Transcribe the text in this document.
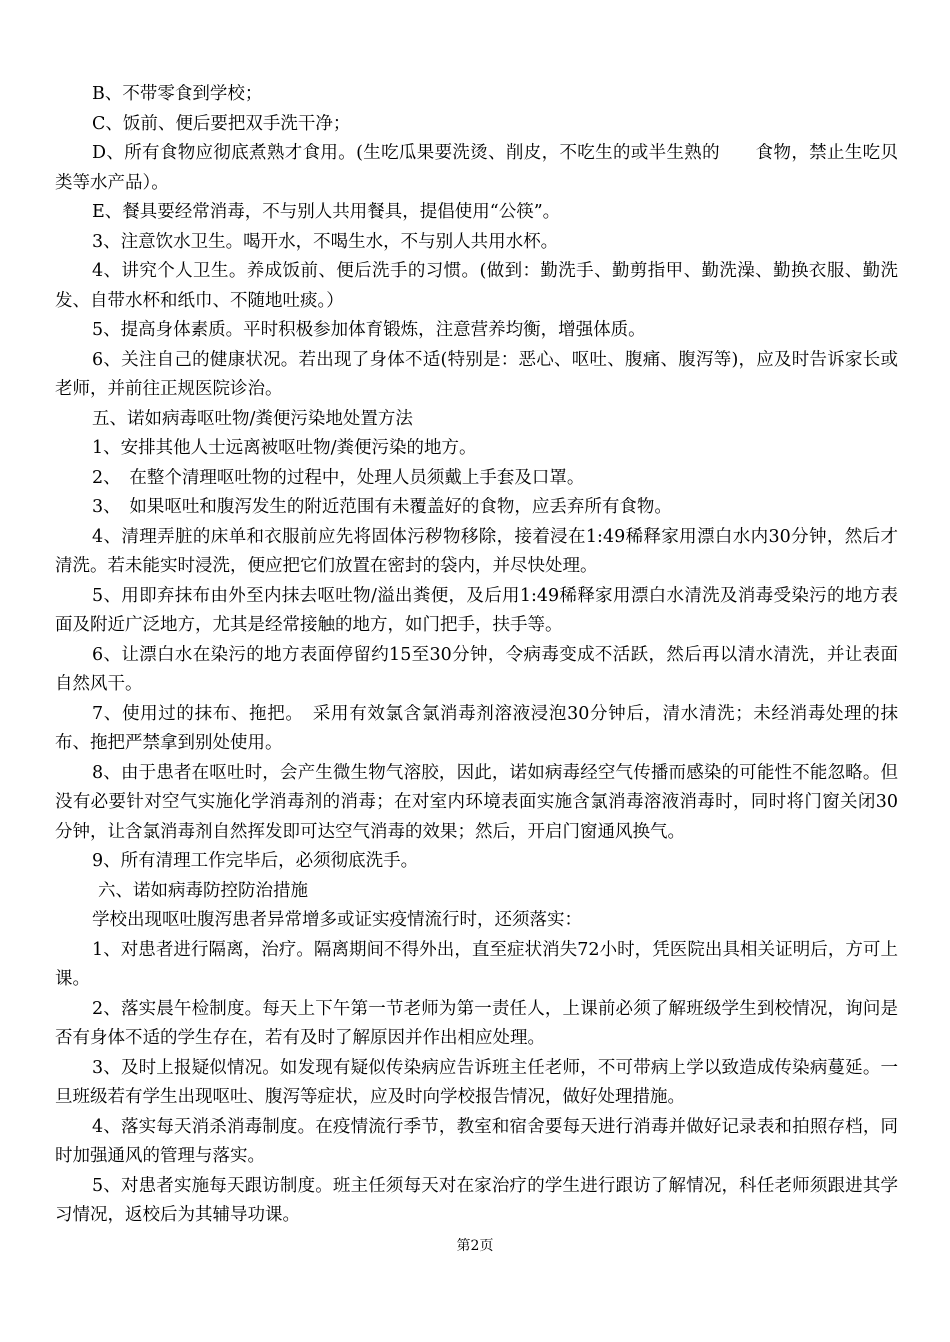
B、不带零食到学校；

C、饭前、便后要把双手洗干净；

D、所有食物应彻底煮熟才食用。(生吃瓜果要洗烫、削皮，不吃生的或半生熟的　　食物，禁止生吃贝类等水产品）。

E、餐具要经常消毒，不与别人共用餐具，提倡使用“公筷”。

3、注意饮水卫生。喝开水，不喝生水，不与别人共用水杯。

4、讲究个人卫生。养成饭前、便后洗手的习惯。(做到：勤洗手、勤剪指甲、勤洗澡、勤换衣服、勤洗发、自带水杯和纸巾、不随地吐痰。）

5、提高身体素质。平时积极参加体育锻炼，注意营养均衡，增强体质。

6、关注自己的健康状况。若出现了身体不适(特别是：恶心、呕吐、腹痛、腹泻等)，应及时告诉家长或老师，并前往正规医院诊治。

五、诺如病毒呕吐物/粪便污染地处置方法

1、安排其他人士远离被呕吐物/粪便污染的地方。

2、　在整个清理呕吐物的过程中，处理人员须戴上手套及口罩。

3、　如果呕吐和腹泻发生的附近范围有未覆盖好的食物，应丢弃所有食物。

4、清理弄脏的床单和衣服前应先将固体污秽物移除，接着浸在1:49稀释家用漂白水内30分钟，然后才清洗。若未能实时浸洗，便应把它们放置在密封的袋内，并尽快处理。

5、用即弃抹布由外至内抹去呕吐物/溢出粪便，及后用1:49稀释家用漂白水清洗及消毒受染污的地方表面及附近广泛地方，尤其是经常接触的地方，如门把手，扶手等。

6、让漂白水在染污的地方表面停留约15至30分钟，令病毒变成不活跃，然后再以清水清洗，并让表面自然风干。

7、使用过的抹布、拖把。　采用有效氯含氯消毒剂溶液浸泡30分钟后，清水清洗；未经消毒处理的抹布、拖把严禁拿到别处使用。

8、由于患者在呕吐时，会产生微生物气溶胶，因此，诺如病毒经空气传播而感染的可能性不能忽略。但没有必要针对空气实施化学消毒剂的消毒；在对室内环境表面实施含氯消毒溶液消毒时，同时将门窗关闭30分钟，让含氯消毒剂自然挥发即可达空气消毒的效果；然后，开启门窗通风换气。

9、所有清理工作完毕后，必须彻底洗手。

六、诺如病毒防控防治措施

学校出现呕吐腹泻患者异常增多或证实疫情流行时，还须落实：

1、对患者进行隔离，治疗。隔离期间不得外出，直至症状消失72小时，凭医院出具相关证明后，方可上课。

2、落实晨午检制度。每天上下午第一节老师为第一责任人，上课前必须了解班级学生到校情况，询问是否有身体不适的学生存在，若有及时了解原因并作出相应处理。

3、及时上报疑似情况。如发现有疑似传染病应告诉班主任老师，不可带病上学以致造成传染病蔓延。一旦班级若有学生出现呕吐、腹泻等症状，应及时向学校报告情况，做好处理措施。

4、落实每天消杀消毒制度。在疫情流行季节，教室和宿舍要每天进行消毒并做好记录表和拍照存档，同时加强通风的管理与落实。

5、对患者实施每天跟访制度。班主任须每天对在家治疗的学生进行跟访了解情况，科任老师须跟进其学习情况，返校后为其辅导功课。

第2页
